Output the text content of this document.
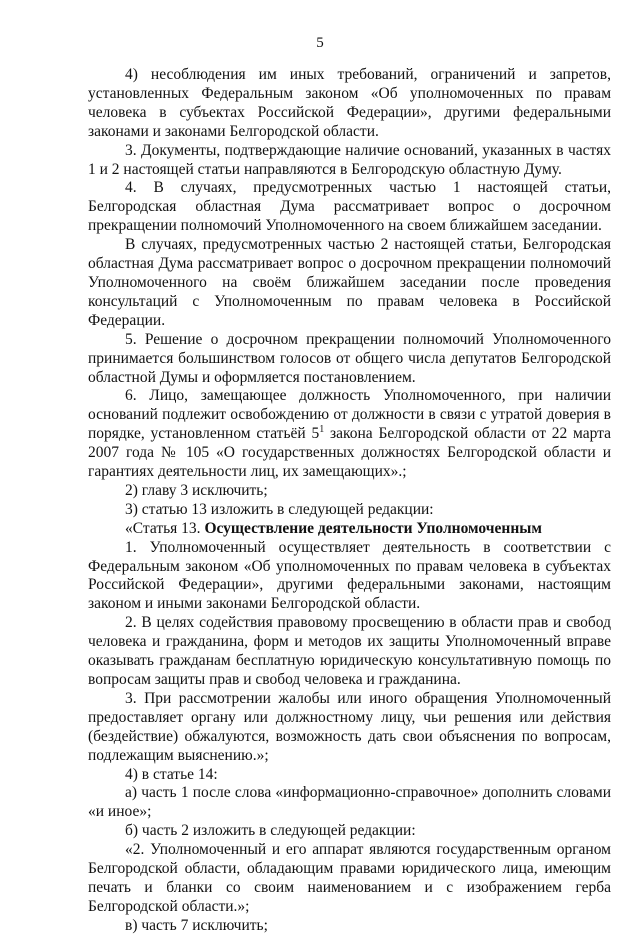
5

4) несоблюдения им иных требований, ограничений и запретов, установленных Федеральным законом «Об уполномоченных по правам человека в субъектах Российской Федерации», другими федеральными законами и законами Белгородской области.

3. Документы, подтверждающие наличие оснований, указанных в частях 1 и 2 настоящей статьи направляются в Белгородскую областную Думу.

4. В случаях, предусмотренных частью 1 настоящей статьи, Белгородская областная Дума рассматривает вопрос о досрочном прекращении полномочий Уполномоченного на своем ближайшем заседании.

В случаях, предусмотренных частью 2 настоящей статьи, Белгородская областная Дума рассматривает вопрос о досрочном прекращении полномочий Уполномоченного на своём ближайшем заседании после проведения консультаций с Уполномоченным по правам человека в Российской Федерации.

5. Решение о досрочном прекращении полномочий Уполномоченного принимается большинством голосов от общего числа депутатов Белгородской областной Думы и оформляется постановлением.

6. Лицо, замещающее должность Уполномоченного, при наличии оснований подлежит освобождению от должности в связи с утратой доверия в порядке, установленном статьёй $5^1$ закона Белгородской области от 22 марта 2007 года № 105 «О государственных должностях Белгородской области и гарантиях деятельности лиц, их замещающих».;

2) главу 3 исключить;

3) статью 13 изложить в следующей редакции:

«Статья 13. Осуществление деятельности Уполномоченным

1. Уполномоченный осуществляет деятельность в соответствии с Федеральным законом «Об уполномоченных по правам человека в субъектах Российской Федерации», другими федеральными законами, настоящим законом и иными законами Белгородской области.

2. В целях содействия правовому просвещению в области прав и свобод человека и гражданина, форм и методов их защиты Уполномоченный вправе оказывать гражданам бесплатную юридическую консультативную помощь по вопросам защиты прав и свобод человека и гражданина.

3. При рассмотрении жалобы или иного обращения Уполномоченный предоставляет органу или должностному лицу, чьи решения или действия (бездействие) обжалуются, возможность дать свои объяснения по вопросам, подлежащим выяснению.»;

4) в статье 14:

а) часть 1 после слова «информационно-справочное» дополнить словами «и иное»;

б) часть 2 изложить в следующей редакции:

«2. Уполномоченный и его аппарат являются государственным органом Белгородской области, обладающим правами юридического лица, имеющим печать и бланки со своим наименованием и с изображением герба Белгородской области.»;

в) часть 7 исключить;
